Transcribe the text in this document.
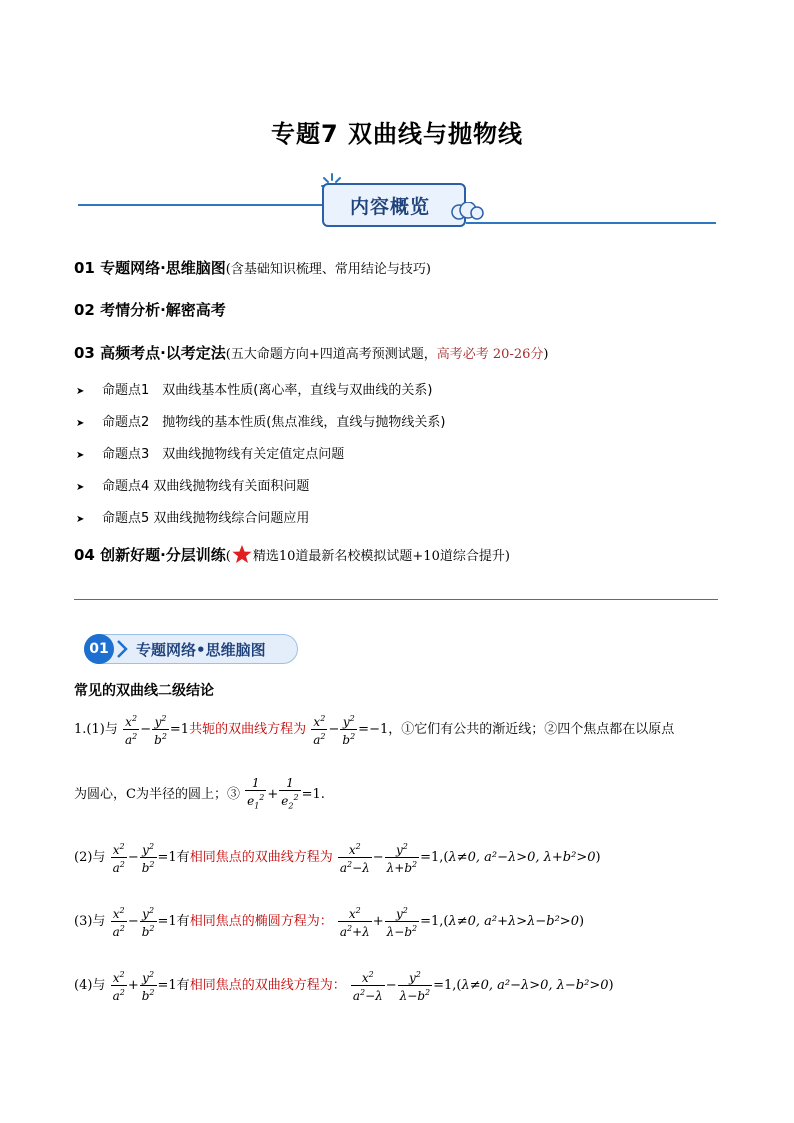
专题7 双曲线与抛物线
内容概览
01 专题网络·思维脑图(含基础知识梳理、常用结论与技巧)
02 考情分析·解密高考
03 高频考点·以考定法(五大命题方向+四道高考预测试题，高考必考 20-26分)
➤ 命题点1　双曲线基本性质(离心率，直线与双曲线的关系)
➤ 命题点2　抛物线的基本性质(焦点准线，直线与抛物线关系)
➤ 命题点3　双曲线抛物线有关定值定点问题
➤ 命题点4 双曲线抛物线有关面积问题
➤ 命题点5 双曲线抛物线综合问题应用
04 创新好题·分层训练( 精选10道最新名校模拟试题+10道综合提升)
01	专题网络•思维脑图
常见的双曲线二级结论
1.(1)与 $\frac{x^2}{a^2} - \frac{y^2}{b^2} =1$共轭的双曲线方程为 $\frac{x^2}{a^2} - \frac{y^2}{b^2} =-1$，①它们有公共的渐近线；②四个焦点都在以原点
为圆心，C为半径的圆上；③ $\frac{1}{e_1^2} + \frac{1}{e_2^2} =1$.
(2)与 $\frac{x^2}{a^2} - \frac{y^2}{b^2} =1$有相同焦点的双曲线方程为 $\frac{x^2}{a^2-\lambda} - \frac{y^2}{\lambda+b^2} =1,(\lambda\ne 0$, a²−λ>0, λ+b²>0)
(3)与 $\frac{x^2}{a^2} - \frac{y^2}{b^2} =1$有相同焦点的椭圆方程为： $\frac{x^2}{a^2+\lambda} + \frac{y^2}{\lambda-b^2} =1,(\lambda\ne 0$, a²+λ>λ−b²>0)
(4)与 $\frac{x^2}{a^2} + \frac{y^2}{b^2} =1$有相同焦点的双曲线方程为： $\frac{x^2}{a^2-\lambda} - \frac{y^2}{\lambda-b^2} =1,(\lambda\ne 0$, a²−λ>0, λ−b²>0)
